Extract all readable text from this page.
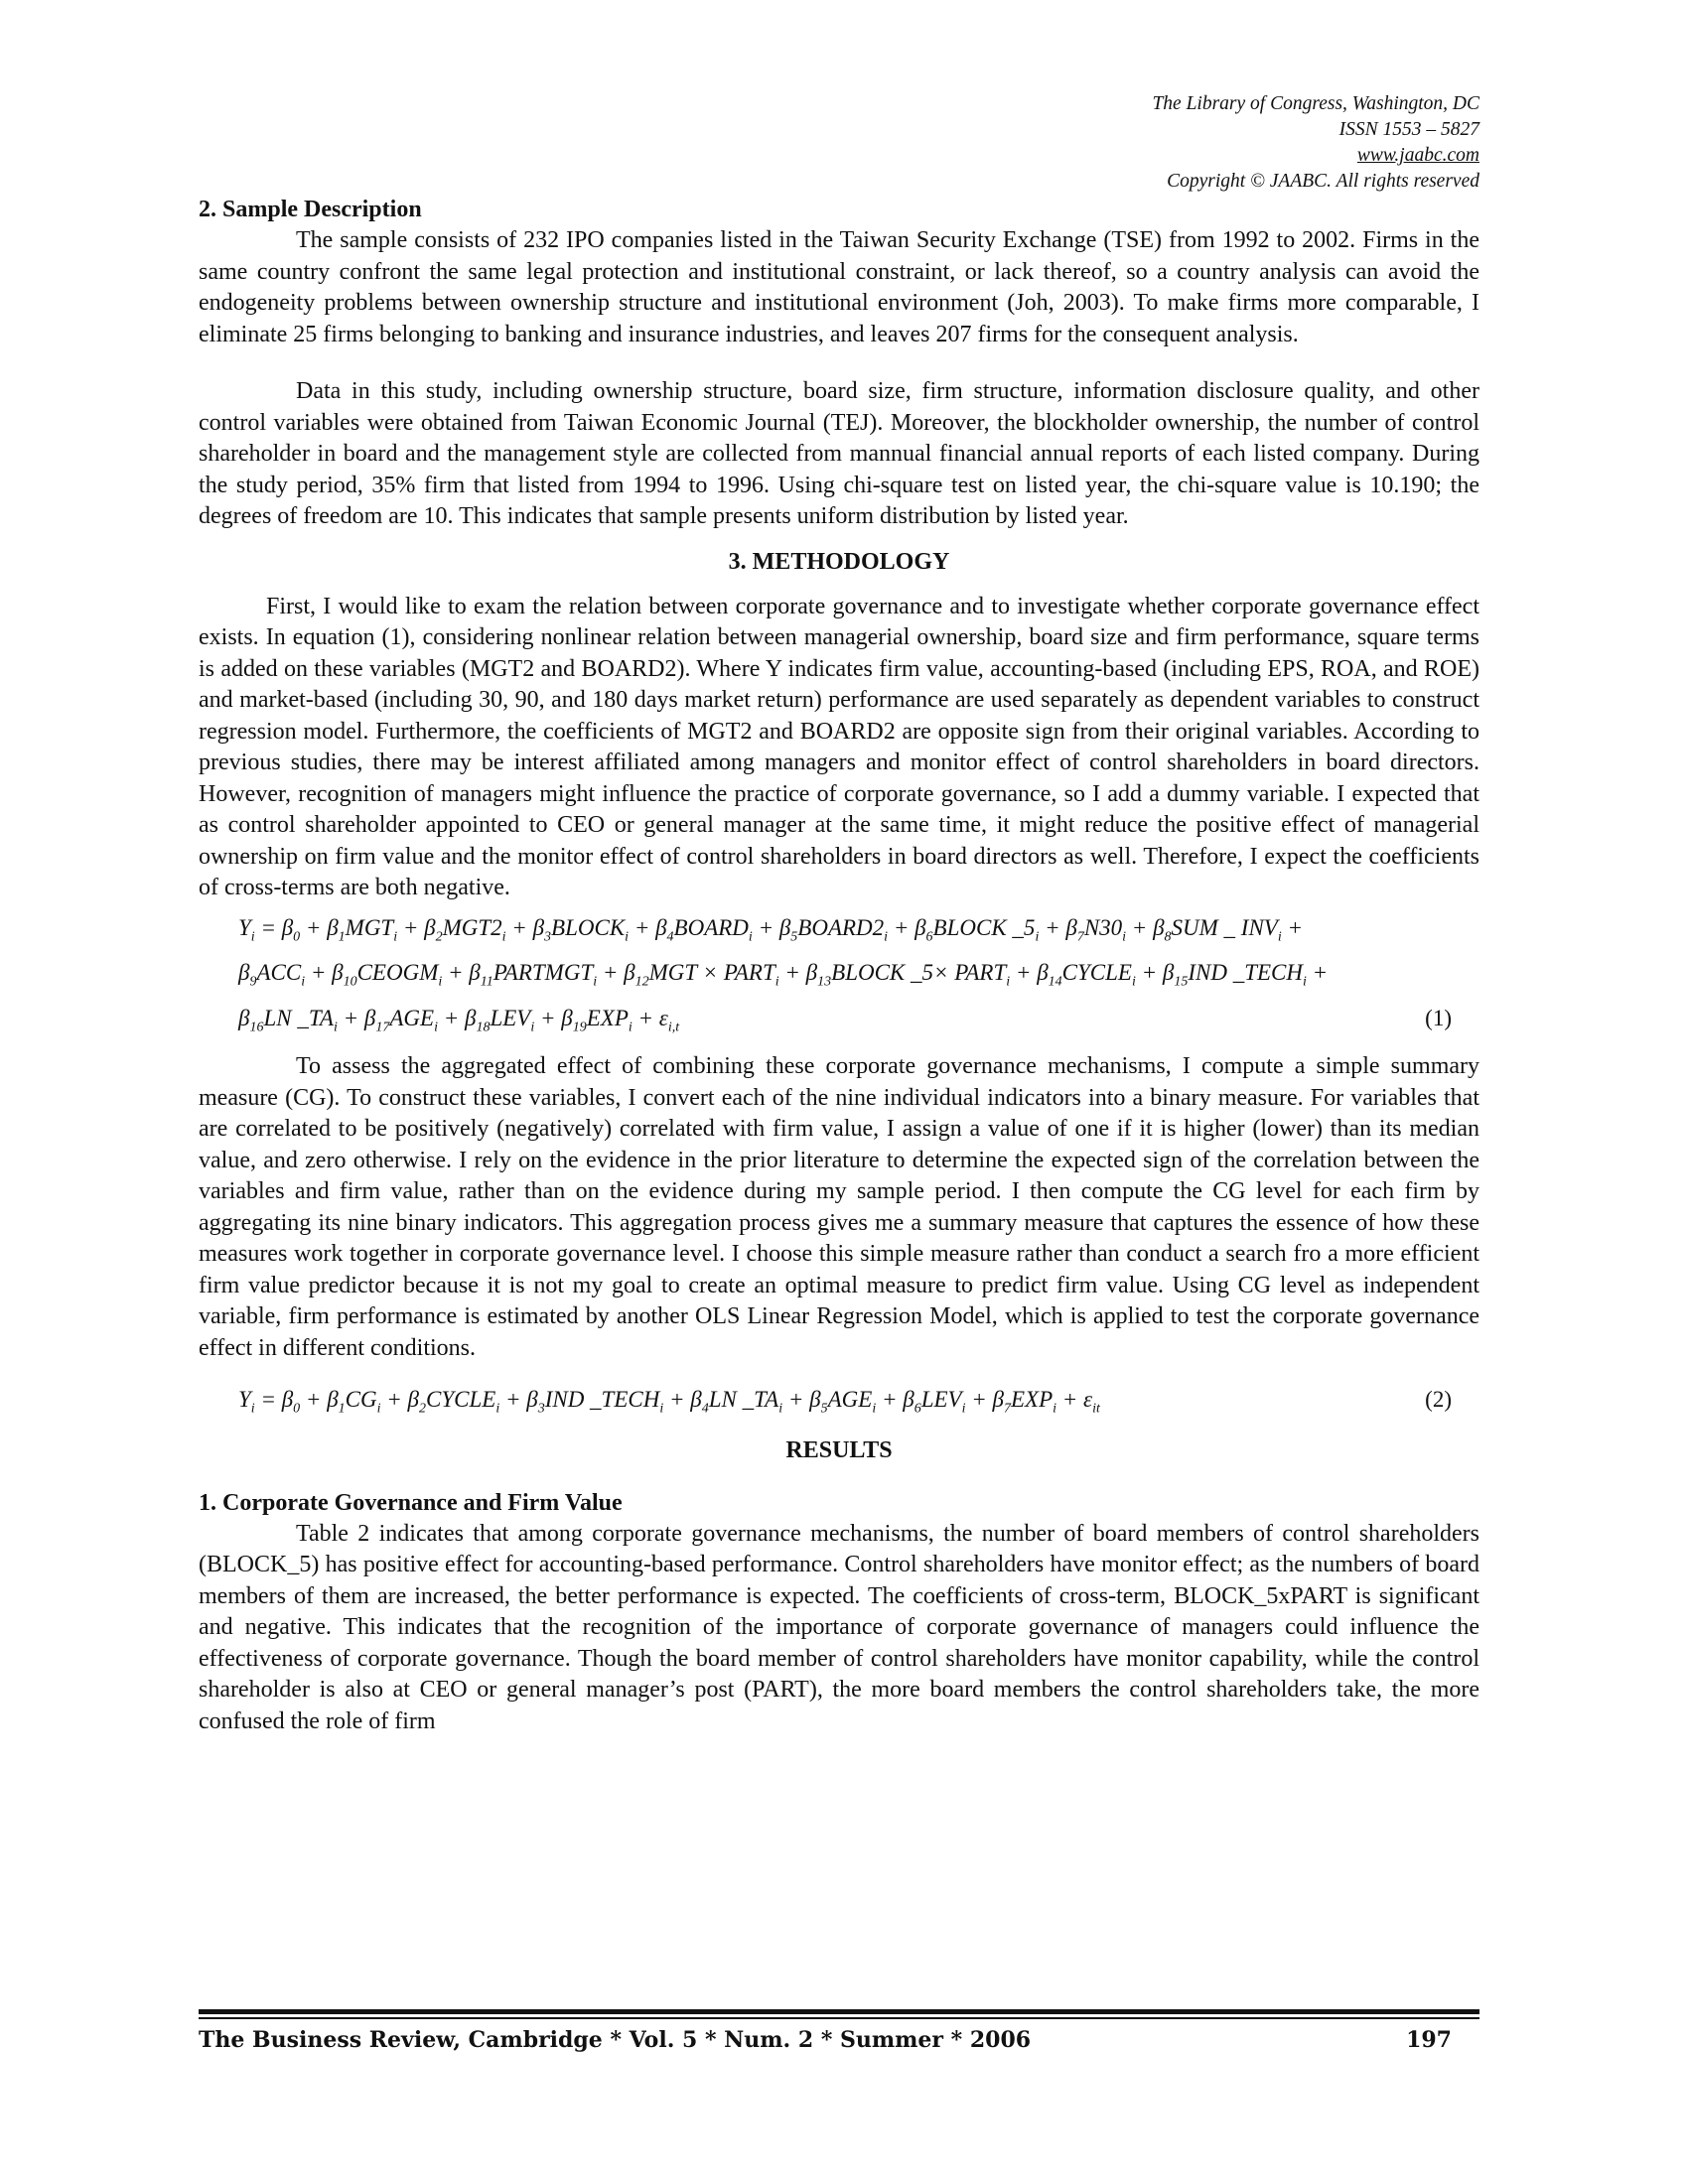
The Library of Congress, Washington, DC
ISSN 1553 – 5827
www.jaabc.com
Copyright © JAABC. All rights reserved
2. Sample Description

The sample consists of 232 IPO companies listed in the Taiwan Security Exchange (TSE) from 1992 to 2002. Firms in the same country confront the same legal protection and institutional constraint, or lack thereof, so a country analysis can avoid the endogeneity problems between ownership structure and institutional environment (Joh, 2003). To make firms more comparable, I eliminate 25 firms belonging to banking and insurance industries, and leaves 207 firms for the consequent analysis.

Data in this study, including ownership structure, board size, firm structure, information disclosure quality, and other control variables were obtained from Taiwan Economic Journal (TEJ). Moreover, the blockholder ownership, the number of control shareholder in board and the management style are collected from mannual financial annual reports of each listed company. During the study period, 35% firm that listed from 1994 to 1996. Using chi-square test on listed year, the chi-square value is 10.190; the degrees of freedom are 10. This indicates that sample presents uniform distribution by listed year.

3. METHODOLOGY

First, I would like to exam the relation between corporate governance and to investigate whether corporate governance effect exists. In equation (1), considering nonlinear relation between managerial ownership, board size and firm performance, square terms is added on these variables (MGT2 and BOARD2). Where Y indicates firm value, accounting-based (including EPS, ROA, and ROE) and market-based (including 30, 90, and 180 days market return) performance are used separately as dependent variables to construct regression model. Furthermore, the coefficients of MGT2 and BOARD2 are opposite sign from their original variables. According to previous studies, there may be interest affiliated among managers and monitor effect of control shareholders in board directors. However, recognition of managers might influence the practice of corporate governance, so I add a dummy variable. I expected that as control shareholder appointed to CEO or general manager at the same time, it might reduce the positive effect of managerial ownership on firm value and the monitor effect of control shareholders in board directors as well. Therefore, I expect the coefficients of cross-terms are both negative.

$Y_i = \beta_0 + \beta_1MGT_i + \beta_2MGT2_i$ + $\beta_3BLOCK_i$ + $\beta_4BOARD_i$ + $\beta_5BOARD2_i$ + $\beta_6BLOCK$ $\_5_i + \beta_7N30_i + \beta_8SUM$ _ $INV_i$ +
$\beta_9ACC_i$ + $\beta_{10}CEOGM_i$ + $\beta_{11}PARTMGT_i + \beta_{12}MGT$ × $PART_i$ + $\beta_{13}BLOCK$ _5× $PART_i$ + $\beta_{14}CYCLE_i + \beta_{15}IND$ $\_TECH_i$ +
$\beta_{16}LN$ $\_TA_i + \beta_{17}AGE_i + \beta_{18}LEV_i + \beta_{19}EXP_i + \varepsilon_{i,t}$	(1)

To assess the aggregated effect of combining these corporate governance mechanisms, I compute a simple summary measure (CG). To construct these variables, I convert each of the nine individual indicators into a binary measure. For variables that are correlated to be positively (negatively) correlated with firm value, I assign a value of one if it is higher (lower) than its median value, and zero otherwise. I rely on the evidence in the prior literature to determine the expected sign of the correlation between the variables and firm value, rather than on the evidence during my sample period. I then compute the CG level for each firm by aggregating its nine binary indicators. This aggregation process gives me a summary measure that captures the essence of how these measures work together in corporate governance level. I choose this simple measure rather than conduct a search fro a more efficient firm value predictor because it is not my goal to create an optimal measure to predict firm value. Using CG level as independent variable, firm performance is estimated by another OLS Linear Regression Model, which is applied to test the corporate governance effect in different conditions.

$Y_i = \beta_0 + \beta_1CG_i$ + $\beta_2CYCLE_i + \beta_3IND$ $\_TECH_i + \beta_4LN$ $\_TA_i + \beta_5AGE_i + \beta_6LEV_i + \beta_7EXP_i + \varepsilon_{it}$	(2)
RESULTS
1. Corporate Governance and Firm Value

Table 2 indicates that among corporate governance mechanisms, the number of board members of control shareholders (BLOCK_5) has positive effect for accounting-based performance. Control shareholders have monitor effect; as the numbers of board members of them are increased, the better performance is expected. The coefficients of cross-term, BLOCK_5xPART is significant and negative. This indicates that the recognition of the importance of corporate governance of managers could influence the effectiveness of corporate governance. Though the board member of control shareholders have monitor capability, while the control shareholder is also at CEO or general manager’s post (PART), the more board members the control shareholders take, the more confused the role of firm

The Business Review, Cambridge * Vol. 5 * Num. 2 * Summer * 2006	197
